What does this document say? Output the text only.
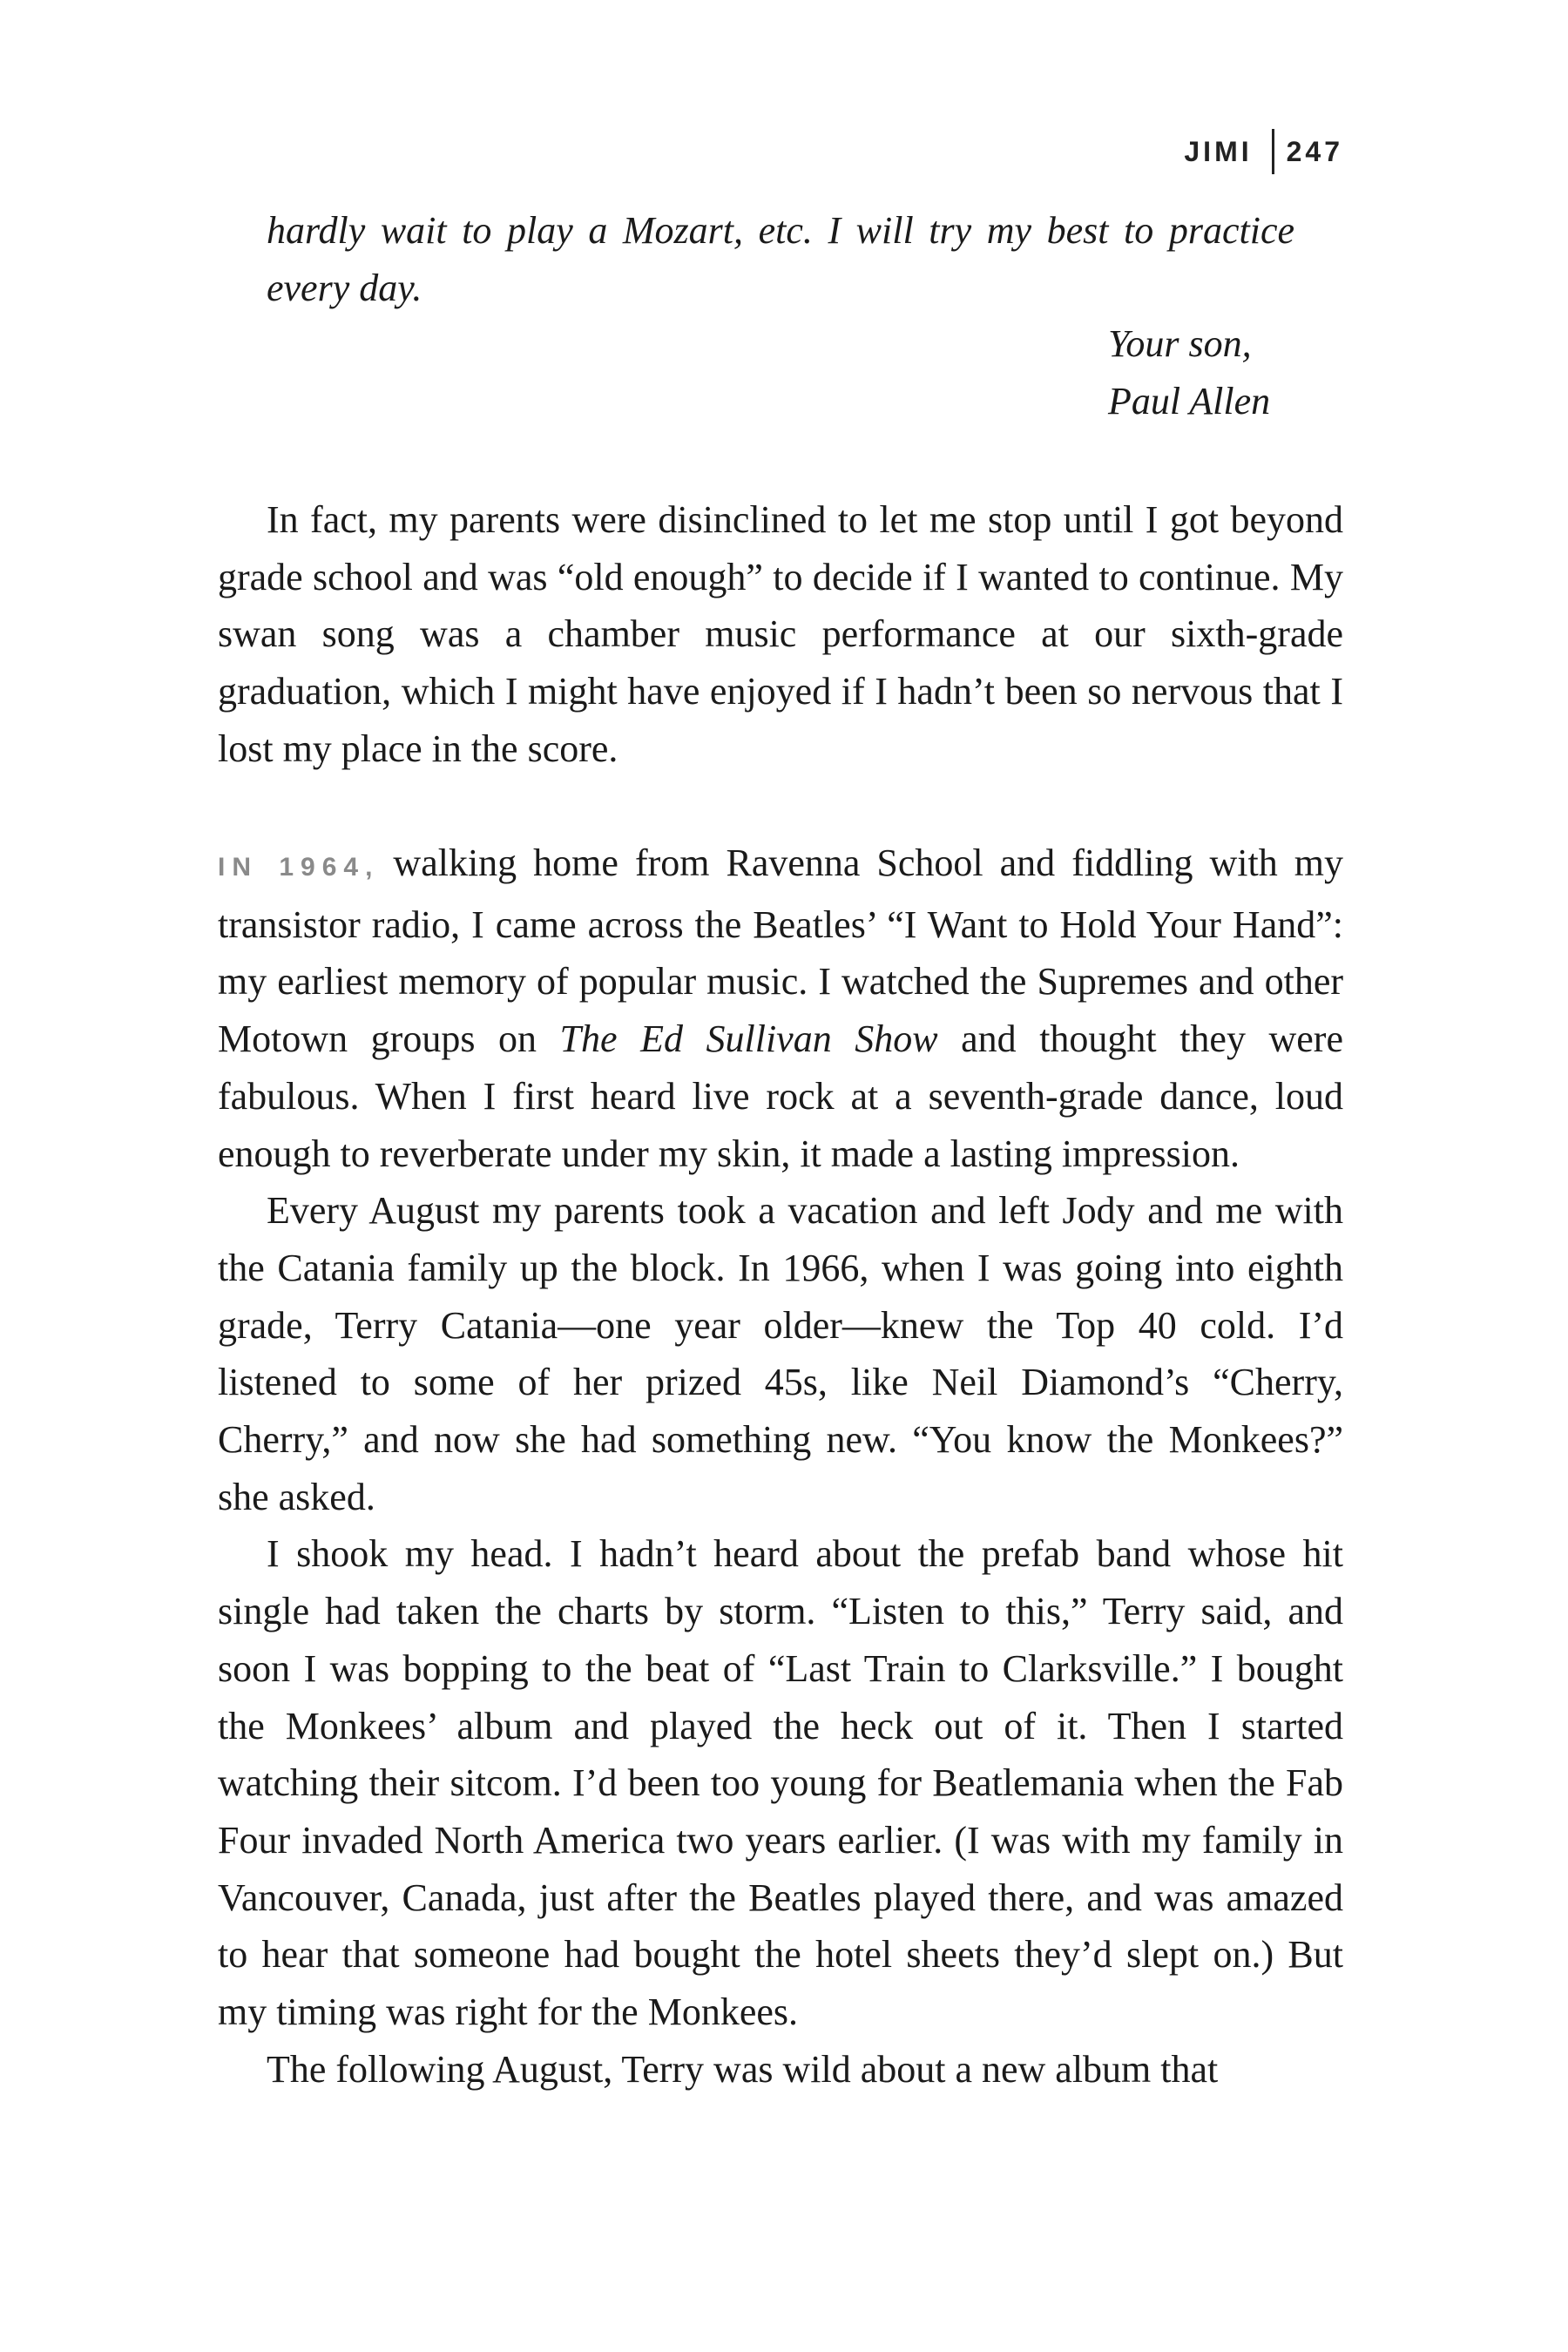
JIMI 247

hardly wait to play a Mozart, etc. I will try my best to practice every day.

Your son,
Paul Allen

In fact, my parents were disinclined to let me stop until I got beyond grade school and was “old enough” to decide if I wanted to continue. My swan song was a chamber music performance at our sixth-grade graduation, which I might have enjoyed if I hadn’t been so nervous that I lost my place in the score.

IN 1964, walking home from Ravenna School and fiddling with my transistor radio, I came across the Beatles’ “I Want to Hold Your Hand”: my earliest memory of popular music. I watched the Supremes and other Motown groups on The Ed Sullivan Show and thought they were fabulous. When I first heard live rock at a seventh-grade dance, loud enough to reverberate under my skin, it made a lasting impression.

Every August my parents took a vacation and left Jody and me with the Catania family up the block. In 1966, when I was going into eighth grade, Terry Catania—one year older—knew the Top 40 cold. I’d listened to some of her prized 45s, like Neil Diamond’s “Cherry, Cherry,” and now she had something new. “You know the Monkees?” she asked.

I shook my head. I hadn’t heard about the prefab band whose hit single had taken the charts by storm. “Listen to this,” Terry said, and soon I was bopping to the beat of “Last Train to Clarksville.” I bought the Monkees’ album and played the heck out of it. Then I started watching their sitcom. I’d been too young for Beatlemania when the Fab Four invaded North America two years earlier. (I was with my family in Vancouver, Canada, just after the Beatles played there, and was amazed to hear that someone had bought the hotel sheets they’d slept on.) But my timing was right for the Monkees.

The following August, Terry was wild about a new album that
